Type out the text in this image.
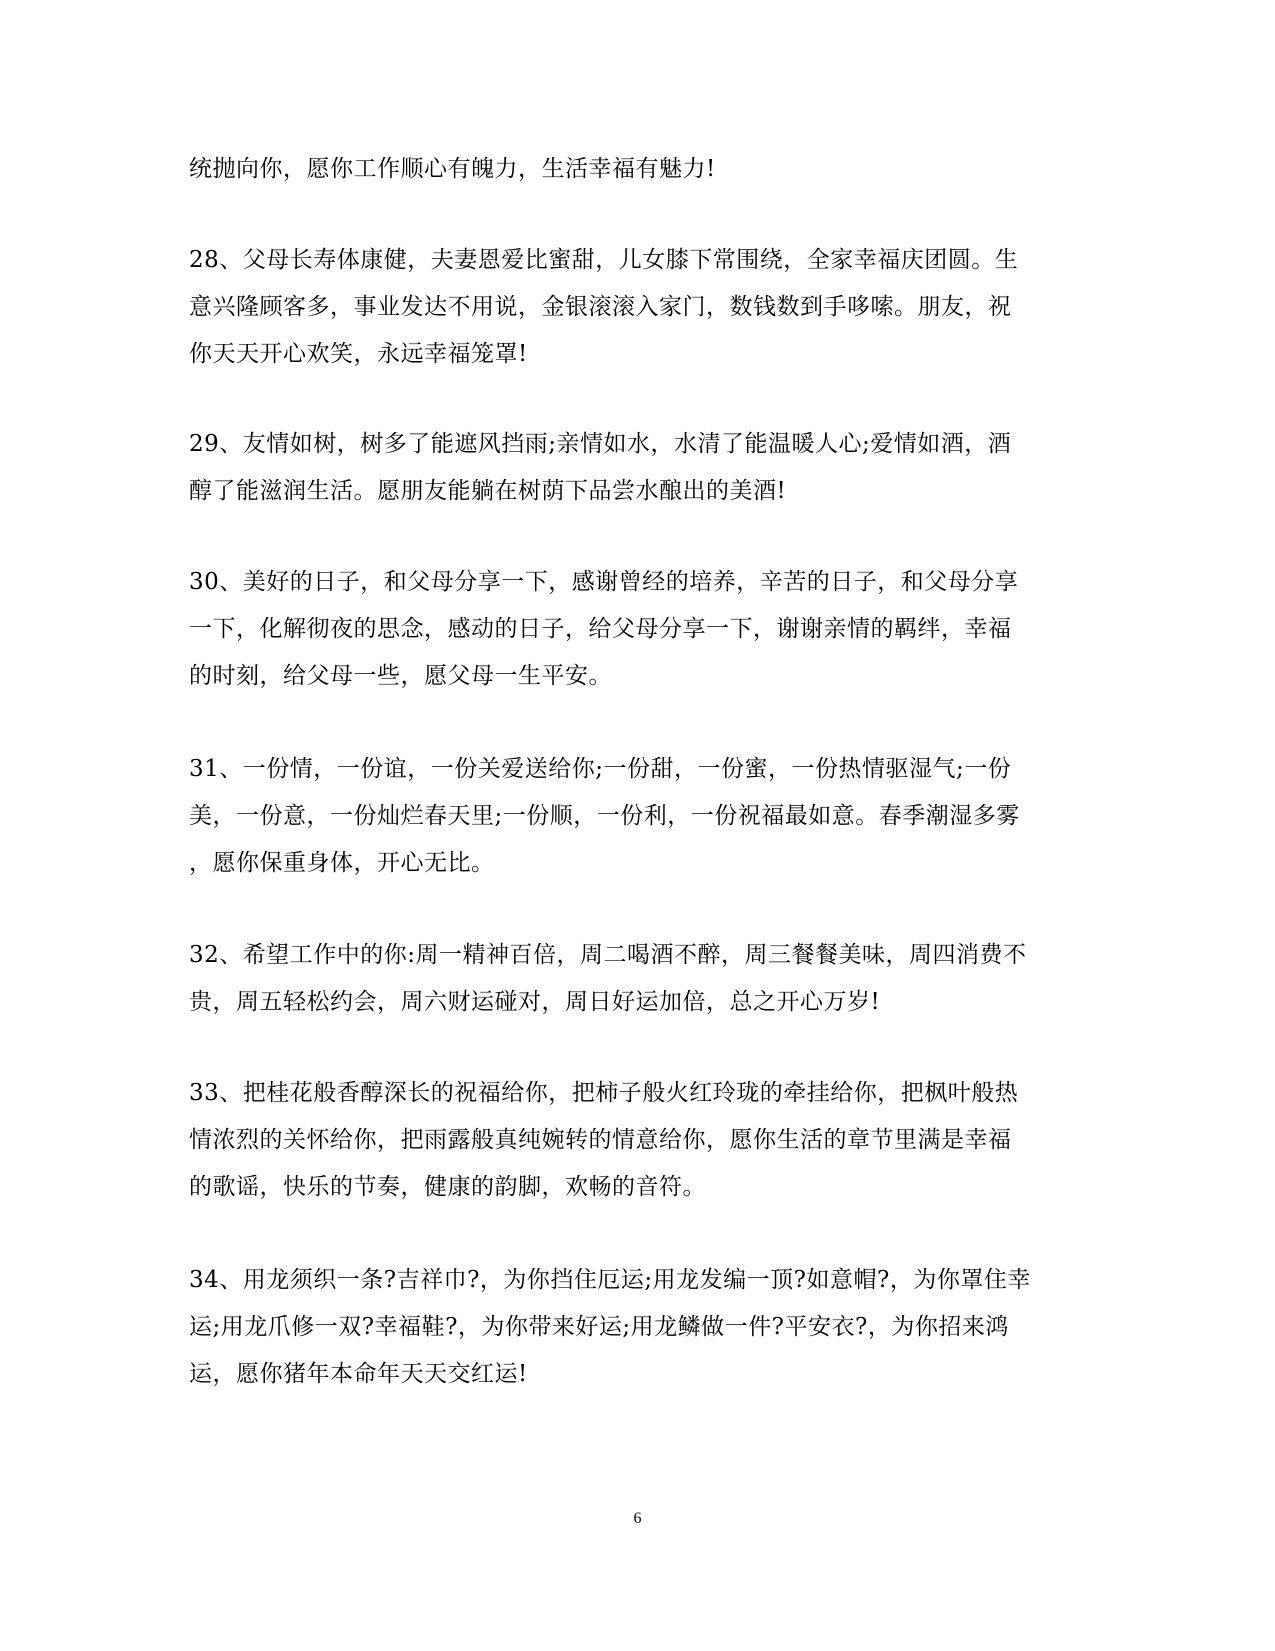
统抛向你，愿你工作顺心有魄力，生活幸福有魅力!

28、父母长寿体康健，夫妻恩爱比蜜甜，儿女膝下常围绕，全家幸福庆团圆。生
意兴隆顾客多，事业发达不用说，金银滚滚入家门，数钱数到手哆嗦。朋友，祝
你天天开心欢笑，永远幸福笼罩!

29、友情如树，树多了能遮风挡雨;亲情如水，水清了能温暖人心;爱情如酒，酒
醇了能滋润生活。愿朋友能躺在树荫下品尝水酿出的美酒!

30、美好的日子，和父母分享一下，感谢曾经的培养，辛苦的日子，和父母分享
一下，化解彻夜的思念，感动的日子，给父母分享一下，谢谢亲情的羁绊，幸福
的时刻，给父母一些，愿父母一生平安。

31、一份情，一份谊，一份关爱送给你;一份甜，一份蜜，一份热情驱湿气;一份
美，一份意，一份灿烂春天里;一份顺，一份利，一份祝福最如意。春季潮湿多雾
，愿你保重身体，开心无比。

32、希望工作中的你:周一精神百倍，周二喝酒不醉，周三餐餐美味，周四消费不
贵，周五轻松约会，周六财运碰对，周日好运加倍，总之开心万岁!

33、把桂花般香醇深长的祝福给你，把柿子般火红玲珑的牵挂给你，把枫叶般热
情浓烈的关怀给你，把雨露般真纯婉转的情意给你，愿你生活的章节里满是幸福
的歌谣，快乐的节奏，健康的韵脚，欢畅的音符。

34、用龙须织一条?吉祥巾?，为你挡住厄运;用龙发编一顶?如意帽?，为你罩住幸
运;用龙爪修一双?幸福鞋?，为你带来好运;用龙鳞做一件?平安衣?，为你招来鸿
运，愿你猪年本命年天天交红运!

6
